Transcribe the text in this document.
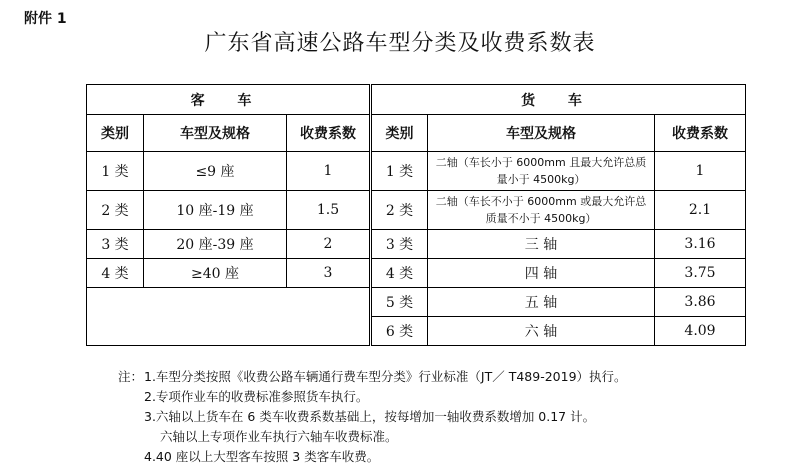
附件 1
广东省高速公路车型分类及收费系数表
客 车			货 车		
类别	车型及规格	收费系数	类别	车型及规格	收费系数
1 类	≤9 座	1	1 类	二轴（车长小于 6000mm 且最大允许总质量小于 4500kg）	1
2 类	10 座-19 座	1.5	2 类	二轴（车长不小于 6000mm 或最大允许总质量不小于 4500kg）	2.1
3 类	20 座-39 座	2	3 类	三 轴	3.16
4 类	≥40 座	3	4 类	四 轴	3.75
			5 类	五 轴	3.86
			6 类	六 轴	4.09
注：1.车型分类按照《收费公路车辆通行费车型分类》行业标准（JT／ T489-2019）执行。
2.专项作业车的收费标准参照货车执行。
3.六轴以上货车在 6 类车收费系数基础上，按每增加一轴收费系数增加 0.17 计。
六轴以上专项作业车执行六轴车收费标准。
4.40 座以上大型客车按照 3 类客车收费。
